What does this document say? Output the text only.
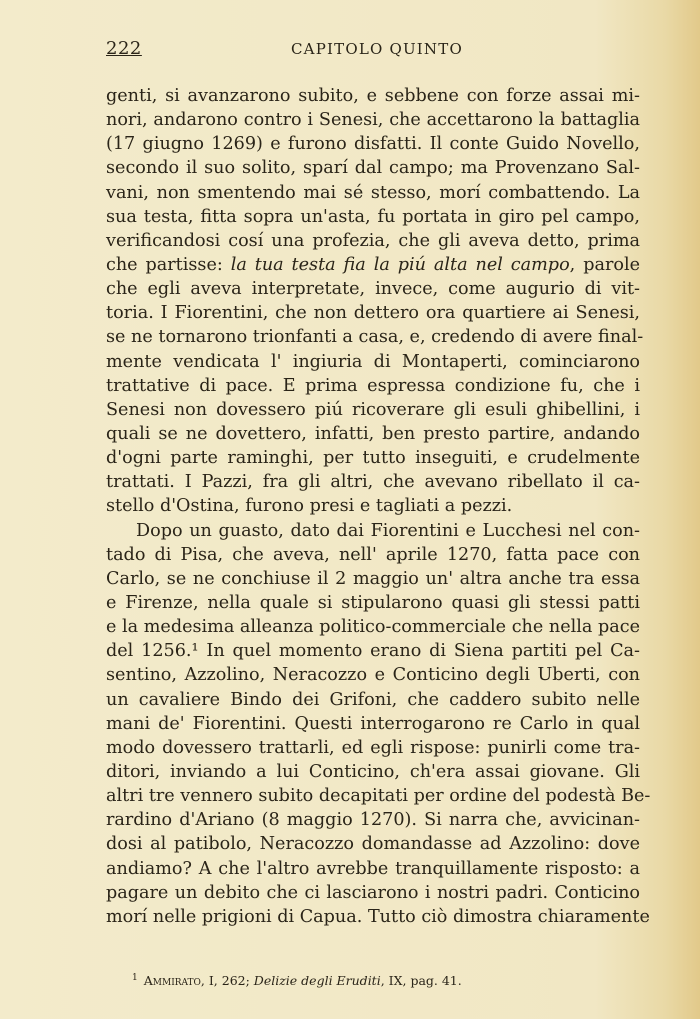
222	CAPITOLO QUINTO
genti, si avanzarono subito, e sebbene con forze assai mi-
nori, andarono contro i Senesi, che accettarono la battaglia
(17 giugno 1269) e furono disfatti. Il conte Guido Novello,
secondo il suo solito, sparí dal campo; ma Provenzano Sal-
vani, non smentendo mai sé stesso, morí combattendo. La
sua testa, fitta sopra un'asta, fu portata in giro pel campo,
verificandosi cosí una profezia, che gli aveva detto, prima
che partisse: la tua testa fia la piú alta nel campo, parole
che egli aveva interpretate, invece, come augurio di vit-
toria. I Fiorentini, che non dettero ora quartiere ai Senesi,
se ne tornarono trionfanti a casa, e, credendo di avere final-
mente vendicata l' ingiuria di Montaperti, cominciarono
trattative di pace. E prima espressa condizione fu, che i
Senesi non dovessero piú ricoverare gli esuli ghibellini, i
quali se ne dovettero, infatti, ben presto partire, andando
d'ogni parte raminghi, per tutto inseguiti, e crudelmente
trattati. I Pazzi, fra gli altri, che avevano ribellato il ca-
stello d'Ostina, furono presi e tagliati a pezzi.
Dopo un guasto, dato dai Fiorentini e Lucchesi nel con-
tado di Pisa, che aveva, nell' aprile 1270, fatta pace con
Carlo, se ne conchiuse il 2 maggio un' altra anche tra essa
e Firenze, nella quale si stipularono quasi gli stessi patti
e la medesima alleanza politico-commerciale che nella pace
del 1256.¹ In quel momento erano di Siena partiti pel Ca-
sentino, Azzolino, Neracozzo e Conticino degli Uberti, con
un cavaliere Bindo dei Grifoni, che caddero subito nelle
mani de' Fiorentini. Questi interrogarono re Carlo in qual
modo dovessero trattarli, ed egli rispose: punirli come tra-
ditori, inviando a lui Conticino, ch'era assai giovane. Gli
altri tre vennero subito decapitati per ordine del podestà Be-
rardino d'Ariano (8 maggio 1270). Si narra che, avvicinan-
dosi al patibolo, Neracozzo domandasse ad Azzolino: dove
andiamo? A che l'altro avrebbe tranquillamente risposto: a
pagare un debito che ci lasciarono i nostri padri. Conticino
morí nelle prigioni di Capua. Tutto ciò dimostra chiaramente
$^1$ Ammirato, I, 262; Delizie degli Eruditi, IX, pag. 41.
